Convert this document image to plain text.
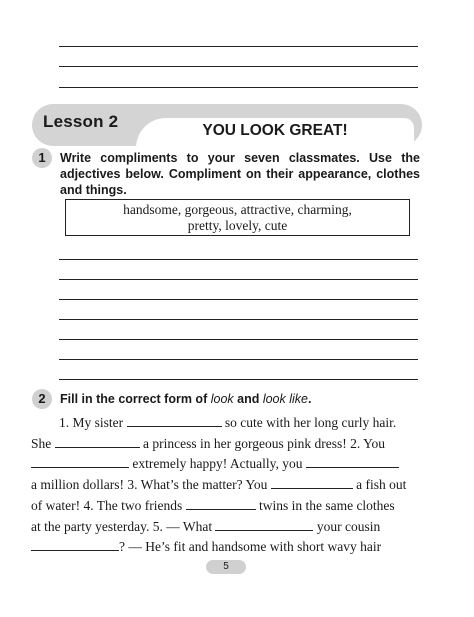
Lesson 2	YOU LOOK GREAT!
1	Write compliments to your seven classmates. Use the adjectives below. Compliment on their appearance, clothes and things.
handsome, gorgeous, attractive, charming,
pretty, lovely, cute
2	Fill in the correct form of look and look like.
1. My sister	so cute with her long curly hair.
She	a princess in her gorgeous pink dress! 2. You
extremely happy! Actually, you
a million dollars! 3. What’s the matter? You	a fish out
of water! 4. The two friends	twins in the same clothes
at the party yesterday. 5. — What	your cousin
? — He’s fit and handsome with short wavy hair
5
